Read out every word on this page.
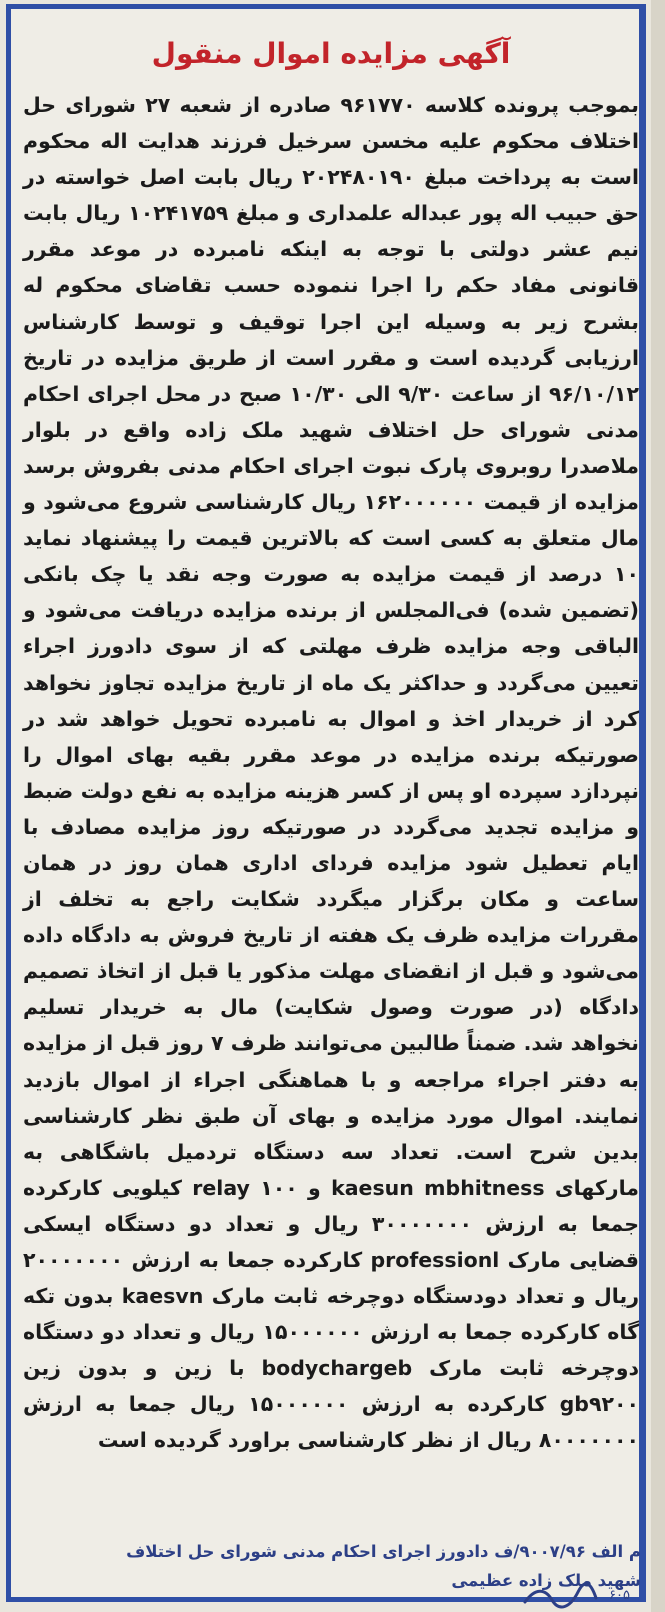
آگهی مزایده اموال منقول

بموجب پرونده کلاسه ۹۶۱۷۷۰ صادره از شعبه ۲۷ شورای حل اختلاف محکوم علیه مخسن سرخیل فرزند هدایت اله محکوم است به پرداخت مبلغ ۲۰۲۴۸۰۱۹۰ ریال بابت اصل خواسته در حق حبیب اله پور عبداله علمداری و مبلغ ۱۰۲۴۱۷۵۹ ریال بابت نیم عشر دولتی با توجه به اینکه نامبرده در موعد مقرر قانونی مفاد حکم را اجرا ننموده حسب تقاضای محکوم له بشرح زیر به وسیله این اجرا توقیف و توسط کارشناس ارزیابی گردیده است و مقرر است از طریق مزایده در تاریخ ۹۶/۱۰/۱۲ از ساعت ۹/۳۰ الی ۱۰/۳۰ صبح در محل اجرای احکام مدنی شورای حل اختلاف شهید ملک زاده واقع در بلوار ملاصدرا روبروی پارک نبوت اجرای احکام مدنی بفروش برسد مزایده از قیمت ۱۶۲۰۰۰۰۰۰ ریال کارشناسی شروع می‌شود و مال متعلق به کسی است که بالاترین قیمت را پیشنهاد نماید ۱۰ درصد از قیمت مزایده به صورت وجه نقد یا چک بانکی (تضمین شده) فی‌المجلس از برنده مزایده دریافت می‌شود و الباقی وجه مزایده ظرف مهلتی که از سوی دادورز اجراء تعیین می‌گردد و حداکثر یک ماه از تاریخ مزایده تجاوز نخواهد کرد از خریدار اخذ و اموال به نامبرده تحویل خواهد شد در صورتیکه برنده مزایده در موعد مقرر بقیه بهای اموال را نپردازد سپرده او پس از کسر هزینه مزایده به نفع دولت ضبط و مزایده تجدید می‌گردد در صورتیکه روز مزایده مصادف با ایام تعطیل شود مزایده فردای اداری همان روز در همان ساعت و مکان برگزار میگردد شکایت راجع به تخلف از مقررات مزایده ظرف یک هفته از تاریخ فروش به دادگاه داده می‌شود و قبل از انقضای مهلت مذکور یا قبل از اتخاذ تصمیم دادگاه (در صورت وصول شکایت) مال به خریدار تسلیم نخواهد شد. ضمناً طالبین می‌توانند ظرف ۷ روز قبل از مزایده به دفتر اجراء مراجعه و با هماهنگی اجراء از اموال بازدید نمایند. اموال مورد مزایده و بهای آن طبق نظر کارشناسی بدین شرح است. تعداد سه دستگاه تردمیل باشگاهی به مارکهای kaesun mbhitness و relay ۱۰۰ کیلویی کارکرده جمعا به ارزش ۳۰۰۰۰۰۰۰ ریال و تعداد دو دستگاه ایسکی قضایی مارک professionl کارکرده جمعا به ارزش ۲۰۰۰۰۰۰۰ ریال و تعداد دودستگاه دوچرخه ثابت مارک kaesvn بدون تکه گاه کارکرده جمعا به ارزش ۱۵۰۰۰۰۰۰ ریال و تعداد دو دستگاه دوچرخه ثابت مارک bodychargeb با زین و بدون زین gb۹۲۰۰ کارکرده به ارزش ۱۵۰۰۰۰۰۰ ریال جمعا به ارزش ۸۰۰۰۰۰۰۰ ریال از نظر کارشناسی براورد گردیده است

م الف ۹۰۰۷/۹۶/ف دادورز اجرای احکام مدنی شورای حل اختلاف
شهید ملک زاده عظیمی
۶۰۵
